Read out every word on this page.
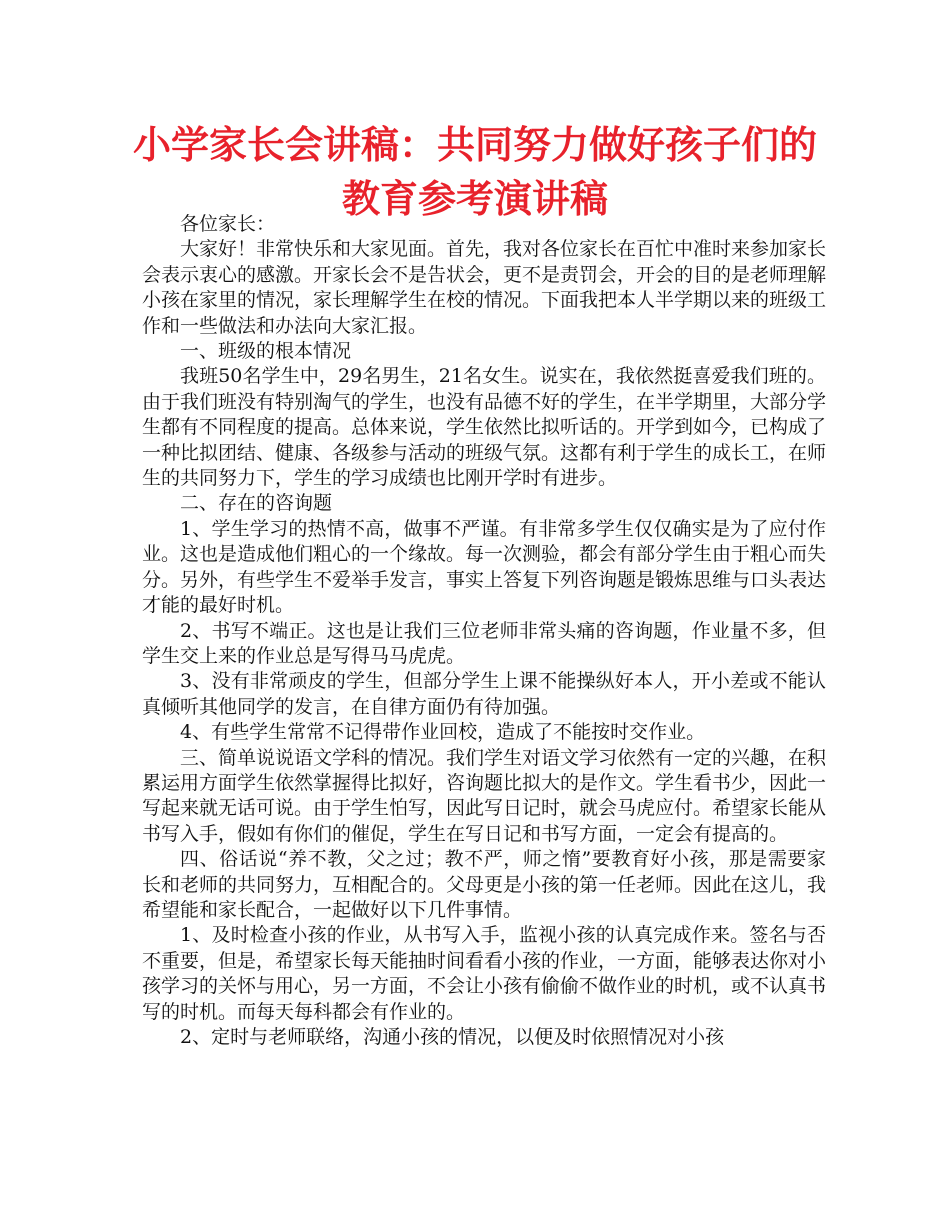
小学家长会讲稿：共同努力做好孩子们的
教育参考演讲稿

各位家长：

大家好！非常快乐和大家见面。首先，我对各位家长在百忙中准时来参加家长会表示衷心的感激。开家长会不是告状会，更不是责罚会，开会的目的是老师理解小孩在家里的情况，家长理解学生在校的情况。下面我把本人半学期以来的班级工作和一些做法和办法向大家汇报。

一、班级的根本情况

我班50名学生中，29名男生，21名女生。说实在，我依然挺喜爱我们班的。由于我们班没有特别淘气的学生，也没有品德不好的学生，在半学期里，大部分学生都有不同程度的提高。总体来说，学生依然比拟听话的。开学到如今，已构成了一种比拟团结、健康、各级参与活动的班级气氛。这都有利于学生的成长工，在师生的共同努力下，学生的学习成绩也比刚开学时有进步。

二、存在的咨询题

1、学生学习的热情不高，做事不严谨。有非常多学生仅仅确实是为了应付作业。这也是造成他们粗心的一个缘故。每一次测验，都会有部分学生由于粗心而失分。另外，有些学生不爱举手发言，事实上答复下列咨询题是锻炼思维与口头表达才能的最好时机。

2、书写不端正。这也是让我们三位老师非常头痛的咨询题，作业量不多，但学生交上来的作业总是写得马马虎虎。

3、没有非常顽皮的学生，但部分学生上课不能操纵好本人，开小差或不能认真倾听其他同学的发言，在自律方面仍有待加强。

4、有些学生常常不记得带作业回校，造成了不能按时交作业。

三、简单说说语文学科的情况。我们学生对语文学习依然有一定的兴趣，在积累运用方面学生依然掌握得比拟好，咨询题比拟大的是作文。学生看书少，因此一写起来就无话可说。由于学生怕写，因此写日记时，就会马虎应付。希望家长能从书写入手，假如有你们的催促，学生在写日记和书写方面，一定会有提高的。

四、俗话说“养不教，父之过；教不严，师之惰”要教育好小孩，那是需要家长和老师的共同努力，互相配合的。父母更是小孩的第一任老师。因此在这儿，我希望能和家长配合，一起做好以下几件事情。

1、及时检查小孩的作业，从书写入手，监视小孩的认真完成作来。签名与否不重要，但是，希望家长每天能抽时间看看小孩的作业，一方面，能够表达你对小孩学习的关怀与用心，另一方面，不会让小孩有偷偷不做作业的时机，或不认真书写的时机。而每天每科都会有作业的。

2、定时与老师联络，沟通小孩的情况，以便及时依照情况对小孩
